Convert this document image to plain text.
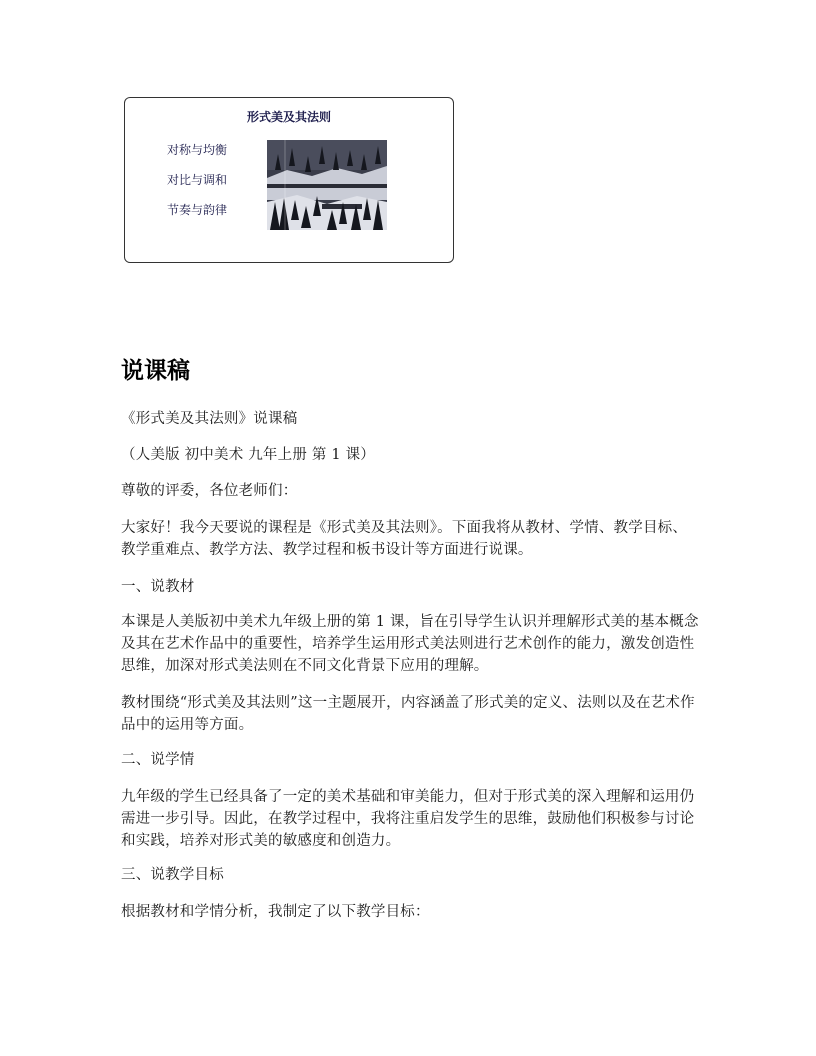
形式美及其法则
对称与均衡
对比与调和
节奏与韵律
说课稿

《形式美及其法则》说课稿

（人美版 初中美术 九年上册 第 1 课）

尊敬的评委，各位老师们：

大家好！我今天要说的课程是《形式美及其法则》。下面我将从教材、学情、教学目标、教学重难点、教学方法、教学过程和板书设计等方面进行说课。

一、说教材

本课是人美版初中美术九年级上册的第 1 课，旨在引导学生认识并理解形式美的基本概念及其在艺术作品中的重要性，培养学生运用形式美法则进行艺术创作的能力，激发创造性思维，加深对形式美法则在不同文化背景下应用的理解。

教材围绕“形式美及其法则”这一主题展开，内容涵盖了形式美的定义、法则以及在艺术作品中的运用等方面。

二、说学情

九年级的学生已经具备了一定的美术基础和审美能力，但对于形式美的深入理解和运用仍需进一步引导。因此，在教学过程中，我将注重启发学生的思维，鼓励他们积极参与讨论和实践，培养对形式美的敏感度和创造力。

三、说教学目标

根据教材和学情分析，我制定了以下教学目标：
